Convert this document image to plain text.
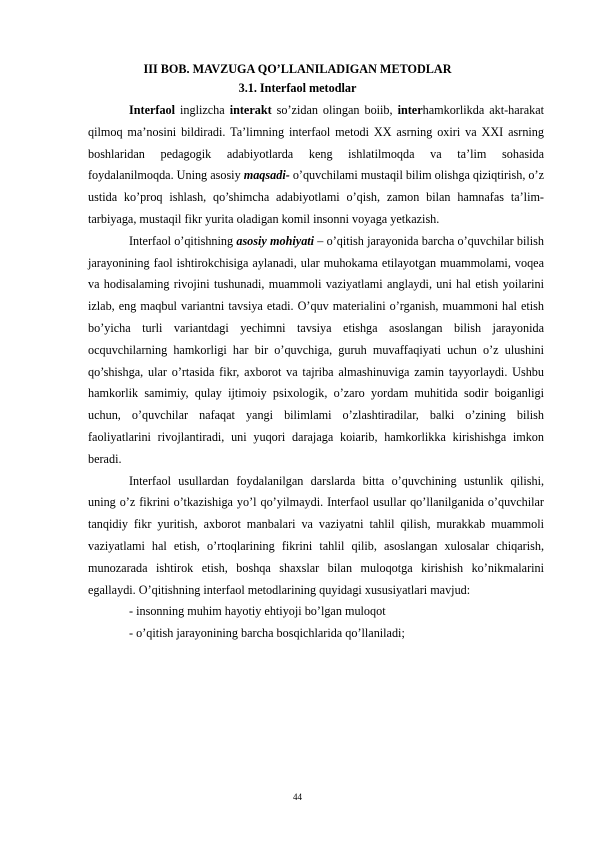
III BOB. MAVZUGA QO’LLANILADIGAN METODLAR
3.1. Interfaol metodlar

Interfaol inglizcha interakt so’zidan olingan boiib, interhamkorlikda akt-harakat qilmoq ma’nosini bildiradi. Ta’limning interfaol metodi XX asrning oxiri va XXI asrning boshlaridan pedagogik adabiyotlarda keng ishlatilmoqda va ta’lim sohasida foydalanilmoqda. Uning asosiy maqsadi- o’quvchilami mustaqil bilim olishga qiziqtirish, o’z ustida ko’proq ishlash, qo’shimcha adabiyotlami o’qish, zamon bilan hamnafas ta’lim-tarbiyaga, mustaqil fikr yurita oladigan komil insonni voyaga yetkazish.

Interfaol o’qitishning asosiy mohiyati – o’qitish jarayonida barcha o’quvchilar bilish jarayonining faol ishtirokchisiga aylanadi, ular muhokama etilayotgan muammolami, voqea va hodisalaming rivojini tushunadi, muammoli vaziyatlami anglaydi, uni hal etish yoilarini izlab, eng maqbul variantni tavsiya etadi. O’quv materialini o’rganish, muammoni hal etish bo’yicha turli variantdagi yechimni tavsiya etishga asoslangan bilish jarayonida ocquvchilarning hamkorligi har bir o’quvchiga, guruh muvaffaqiyati uchun o’z ulushini qo’shishga, ular o’rtasida fikr, axborot va tajriba almashinuviga zamin tayyorlaydi. Ushbu hamkorlik samimiy, qulay ijtimoiy psixologik, o’zaro yordam muhitida sodir boiganligi uchun, o’quvchilar nafaqat yangi bilimlami o’zlashtiradilar, balki o’zining bilish faoliyatlarini rivojlantiradi, uni yuqori darajaga koiarib, hamkorlikka kirishishga imkon beradi.

Interfaol usullardan foydalanilgan darslarda bitta o’quvchining ustunlik qilishi, uning o’z fikrini o’tkazishiga yo’l qo’yilmaydi. Interfaol usullar qo’llanilganida o’quvchilar tanqidiy fikr yuritish, axborot manbalari va vaziyatni tahlil qilish, murakkab muammoli vaziyatlami hal etish, o’rtoqlarining fikrini tahlil qilib, asoslangan xulosalar chiqarish, munozarada ishtirok etish, boshqa shaxslar bilan muloqotga kirishish ko’nikmalarini egallaydi. O’qitishning interfaol metodlarining quyidagi xususiyatlari mavjud:

- insonning muhim hayotiy ehtiyoji bo’lgan muloqot

- o’qitish jarayonining barcha bosqichlarida qo’llaniladi;

44
